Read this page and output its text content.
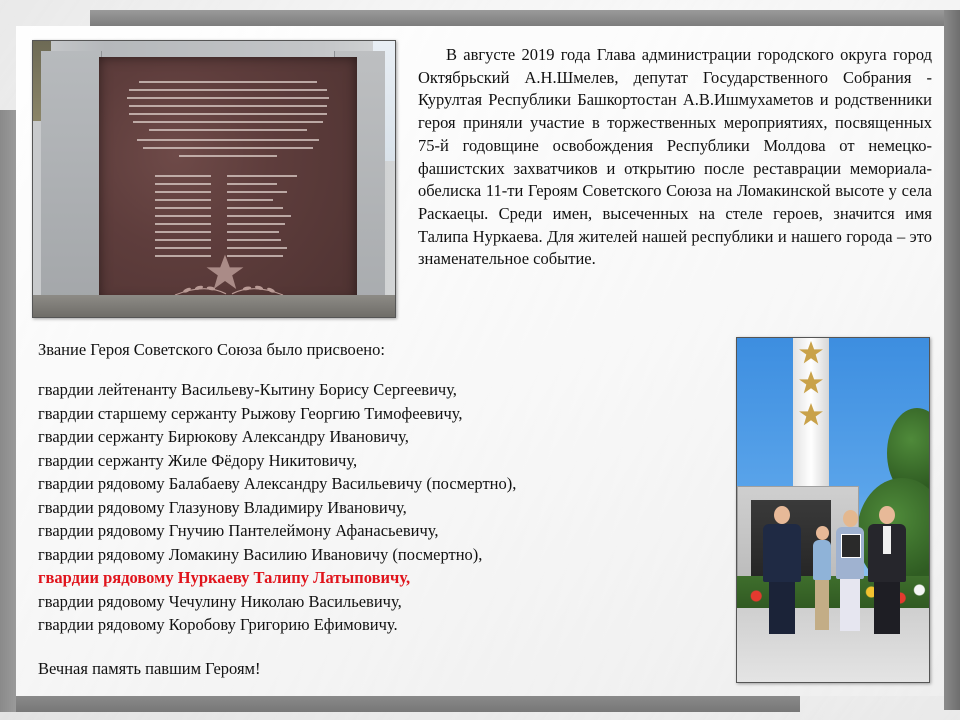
В августе 2019 года Глава администрации городского округа город Октябрьский А.Н.Шмелев, депутат Государственного Собрания - Курултая Республики Башкортостан А.В.Ишмухаметов и родственники героя приняли участие в торжественных мероприятиях, посвященных 75-й годовщине освобождения Республики Молдова от немецко-фашистских захватчиков и открытию после реставрации мемориала-обелиска 11-ти Героям Советского Союза на Ломакинской высоте у села Раскаецы. Среди имен, высеченных на стеле героев, значится имя Талипа Нуркаева. Для жителей нашей республики и нашего города – это знаменательное событие.

Звание Героя Советского Союза было присвоено:
гвардии лейтенанту Васильеву-Кытину Борису Сергеевичу,
гвардии старшему сержанту Рыжову Георгию Тимофеевичу,
гвардии сержанту Бирюкову Александру Ивановичу,
гвардии сержанту Жиле Фёдору Никитовичу,
гвардии рядовому Балабаеву Александру Васильевичу (посмертно),
гвардии рядовому Глазунову Владимиру Ивановичу,
гвардии рядовому Гнучию Пантелеймону Афанасьевичу,
гвардии рядовому Ломакину Василию Ивановичу (посмертно),
гвардии рядовому Нуркаеву Талипу Латыповичу,
гвардии рядовому Чечулину Николаю Васильевичу,
гвардии рядовому Коробову Григорию Ефимовичу.
Вечная память павшим Героям!
